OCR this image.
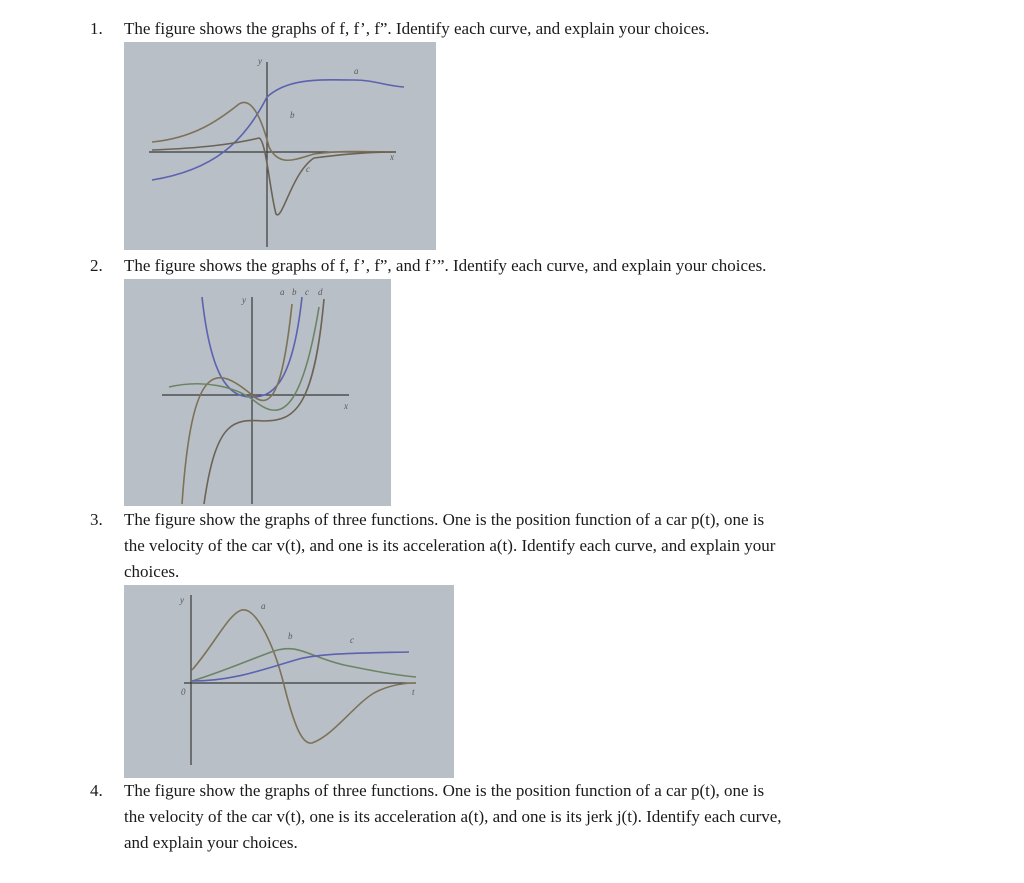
1. The figure shows the graphs of f, f’, f”. Identify each curve, and explain your choices.
y
x
a
b
c
2. The figure shows the graphs of f, f’, f”, and f’”. Identify each curve, and explain your choices.
y
x
a b c d
3. The figure show the graphs of three functions. One is the position function of a car p(t), one is
the velocity of the car v(t), and one is its acceleration a(t). Identify each curve, and explain your
choices.
y
t
0
a
b	c
4. The figure show the graphs of three functions. One is the position function of a car p(t), one is
the velocity of the car v(t), one is its acceleration a(t), and one is its jerk j(t). Identify each curve,
and explain your choices.
